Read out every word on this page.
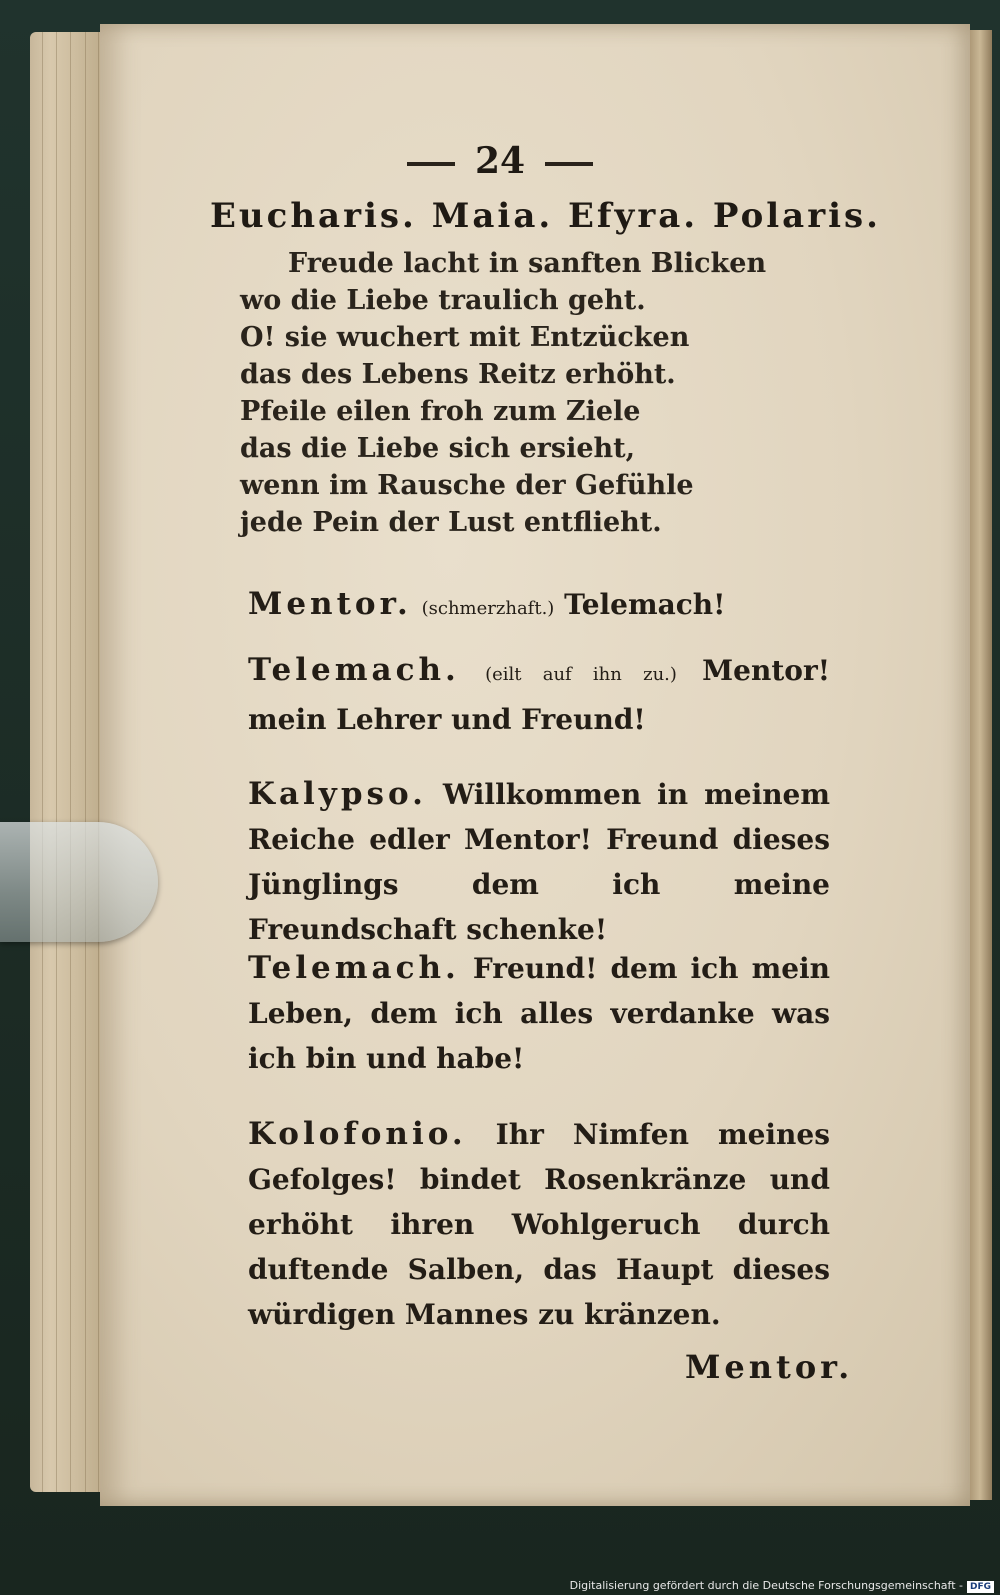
24
Eucharis. Maia. Efyra. Polaris.
Freude lacht in sanften Blicken
wo die Liebe traulich geht.
O! sie wuchert mit Entzücken
das des Lebens Reitz erhöht.
Pfeile eilen froh zum Ziele
das die Liebe sich ersieht,
wenn im Rausche der Gefühle
jede Pein der Lust entflieht.
Mentor. (schmerzhaft.) Telemach!
Telemach. (eilt auf ihn zu.) Mentor! mein Lehrer und Freund!
Kalypso. Willkommen in meinem Reiche edler Mentor! Freund dieses Jünglings dem ich meine Freundschaft schenke!
Telemach. Freund! dem ich mein Leben, dem ich alles verdanke was ich bin und habe!
Kolofonio. Ihr Nimfen meines Gefolges! bindet Rosenkränze und erhöht ihren Wohlgeruch durch duftende Salben, das Haupt dieses würdigen Mannes zu kränzen.
Mentor.
Digitalisierung gefördert durch die Deutsche Forschungsgemeinschaft - DFG
